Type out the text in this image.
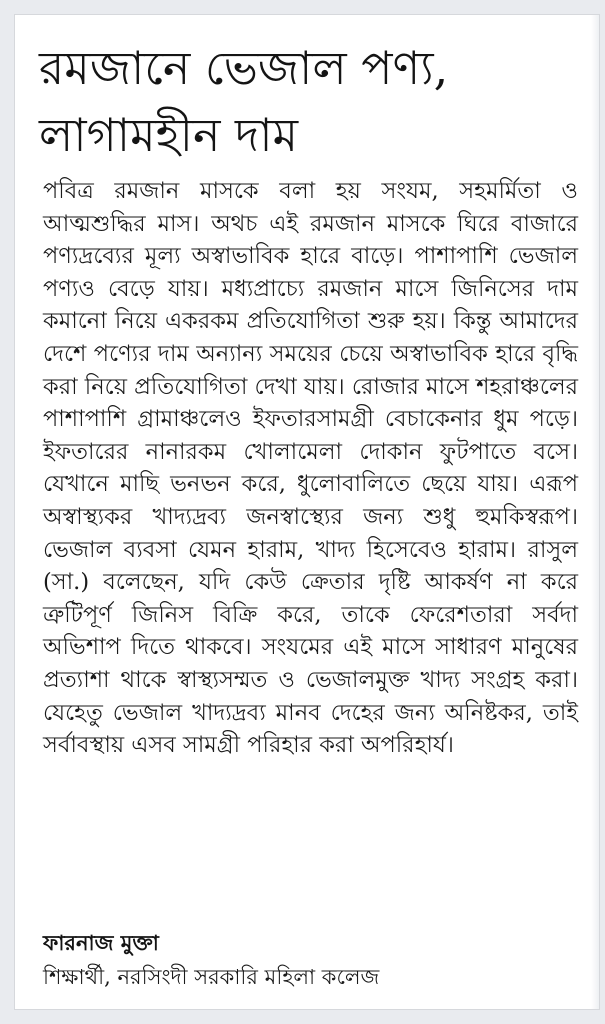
রমজানে ভেজাল পণ্য,
লাগামহীন দাম

পবিত্র রমজান মাসকে বলা হয় সংযম, সহমর্মিতা ও আত্মশুদ্ধির মাস। অথচ এই রমজান মাসকে ঘিরে বাজারে পণ্যদ্রব্যের মূল্য অস্বাভাবিক হারে বাড়ে। পাশাপাশি ভেজাল পণ্যও বেড়ে যায়। মধ্যপ্রাচ্যে রমজান মাসে জিনিসের দাম কমানো নিয়ে একরকম প্রতিযোগিতা শুরু হয়। কিন্তু আমাদের দেশে পণ্যের দাম অন্যান্য সময়ের চেয়ে অস্বাভাবিক হারে বৃদ্ধি করা নিয়ে প্রতিযোগিতা দেখা যায়। রোজার মাসে শহরাঞ্চলের পাশাপাশি গ্রামাঞ্চলেও ইফতারসামগ্রী বেচাকেনার ধুম পড়ে। ইফতারের নানারকম খোলামেলা দোকান ফুটপাতে বসে। যেখানে মাছি ভনভন করে, ধুলোবালিতে ছেয়ে যায়। এরূপ অস্বাস্থ্যকর খাদ্যদ্রব্য জনস্বাস্থ্যের জন্য শুধু হুমকিস্বরূপ। ভেজাল ব্যবসা যেমন হারাম, খাদ্য হিসেবেও হারাম। রাসুল (সা.) বলেছেন, যদি কেউ ক্রেতার দৃষ্টি আকর্ষণ না করে ত্রুটিপূর্ণ জিনিস বিক্রি করে, তাকে ফেরেশতারা সর্বদা অভিশাপ দিতে থাকবে। সংযমের এই মাসে সাধারণ মানুষের প্রত্যাশা থাকে স্বাস্থ্যসম্মত ও ভেজালমুক্ত খাদ্য সংগ্রহ করা। যেহেতু ভেজাল খাদ্যদ্রব্য মানব দেহের জন্য অনিষ্টকর, তাই সর্বাবস্থায় এসব সামগ্রী পরিহার করা অপরিহার্য।

ফারনাজ মুক্তা

শিক্ষার্থী, নরসিংদী সরকারি মহিলা কলেজ
